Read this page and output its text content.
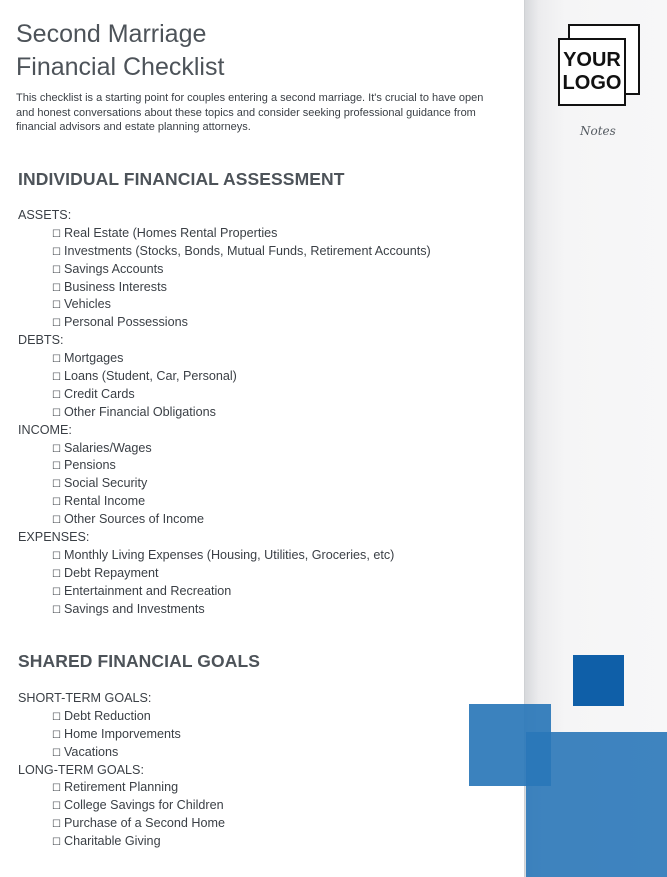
Second Marriage
Financial Checklist

This checklist is a starting point for couples entering a second marriage. It's crucial to have open and honest conversations about these topics and consider seeking professional guidance from financial advisors and estate planning attorneys.

INDIVIDUAL FINANCIAL ASSESSMENT
ASSETS:
☐ Real Estate (Homes Rental Properties
☐ Investments (Stocks, Bonds, Mutual Funds, Retirement Accounts)
☐ Savings Accounts
☐ Business Interests
☐ Vehicles
☐ Personal Possessions
DEBTS:
☐ Mortgages
☐ Loans (Student, Car, Personal)
☐ Credit Cards
☐ Other Financial Obligations
INCOME:
☐ Salaries/Wages
☐ Pensions
☐ Social Security
☐ Rental Income
☐ Other Sources of Income
EXPENSES:
☐ Monthly Living Expenses (Housing, Utilities, Groceries, etc)
☐ Debt Repayment
☐ Entertainment and Recreation
☐ Savings and Investments
SHARED FINANCIAL GOALS
SHORT-TERM GOALS:
☐ Debt Reduction
☐ Home Imporvements
☐ Vacations
LONG-TERM GOALS:
☐ Retirement Planning
☐ College Savings for Children
☐ Purchase of a Second Home
☐ Charitable Giving
YOUR
LOGO
Notes
